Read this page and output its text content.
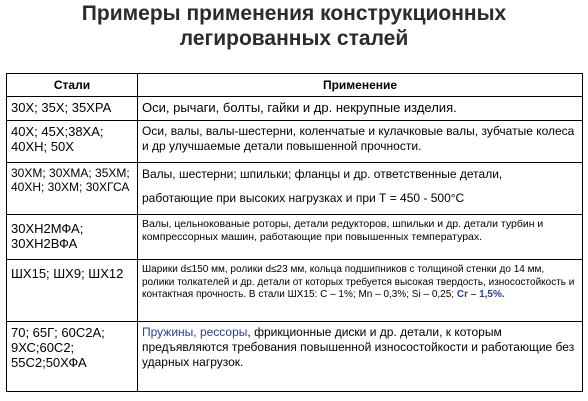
Примеры применения конструкционных
легированных сталей
Стали	Применение
30Х; 35Х; 35ХРА	Оси, рычаги, болты, гайки и др. некрупные изделия.
40Х; 45Х;38ХА; 40ХН; 50Х	Оси, валы, валы-шестерни, коленчатые и кулачковые валы, зубчатые колеса и др улучшаемые детали повышенной прочности.
30ХМ; 30ХМА; 35ХМ; 40ХН; 30ХМ; 30ХГСА	Валы, шестерни; шпильки; фланцы и др. ответственные детали,
работающие при высоких нагрузках и при Т = 450 - 500°С
30ХН2МФА; 30ХН2ВФА	Валы, цельнокованые роторы, детали редукторов, шпильки и др. детали турбин и компрессорных машин, работающие при повышенных температурах.
ШХ15; ШХ9; ШХ12	Шарики d≤150 мм, ролики d≤23 мм, кольца подшипников с толщиной стенки до 14 мм, ролики толкателей и др. детали от которых требуется высокая твердость, износостойкость и контактная прочность. В стали ШХ15: С – 1%; Mn – 0,3%; Si – 0,25; Cr – 1,5%.
70; 65Г; 60С2А; 9ХС;60С2; 55С2;50ХФА	Пружины, рессоры, фрикционные диски и др. детали, к которым предъявляются требования повышенной износостойкости и работающие без ударных нагрузок.
